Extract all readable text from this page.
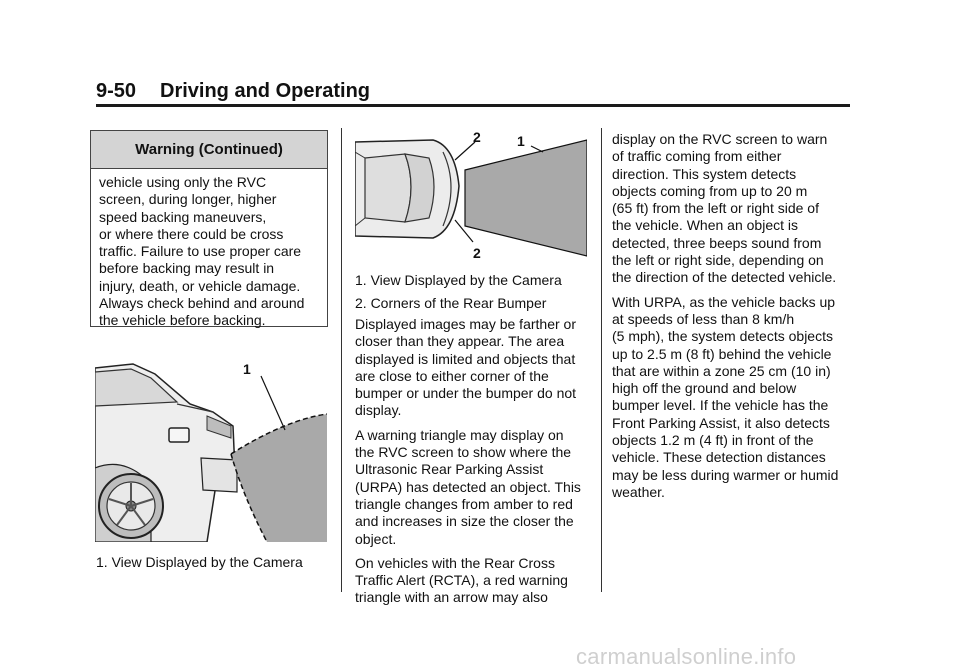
9-50 Driving and Operating
Warning (Continued)
vehicle using only the RVC
screen, during longer, higher
speed backing maneuvers,
or where there could be cross
traffic. Failure to use proper care
before backing may result in
injury, death, or vehicle damage.
Always check behind and around
the vehicle before backing.
1
1. View Displayed by the Camera
2	1
2
1. View Displayed by the Camera
2. Corners of the Rear Bumper
Displayed images may be farther or
closer than they appear. The area
displayed is limited and objects that
are close to either corner of the
bumper or under the bumper do not
display.
A warning triangle may display on
the RVC screen to show where the
Ultrasonic Rear Parking Assist
(URPA) has detected an object. This
triangle changes from amber to red
and increases in size the closer the
object.
On vehicles with the Rear Cross
Traffic Alert (RCTA), a red warning
triangle with an arrow may also
display on the RVC screen to warn
of traffic coming from either
direction. This system detects
objects coming from up to 20 m
(65 ft) from the left or right side of
the vehicle. When an object is
detected, three beeps sound from
the left or right side, depending on
the direction of the detected vehicle.
With URPA, as the vehicle backs up
at speeds of less than 8 km/h
(5 mph), the system detects objects
up to 2.5 m (8 ft) behind the vehicle
that are within a zone 25 cm (10 in)
high off the ground and below
bumper level. If the vehicle has the
Front Parking Assist, it also detects
objects 1.2 m (4 ft) in front of the
vehicle. These detection distances
may be less during warmer or humid
weather.
carmanualsonline.info
